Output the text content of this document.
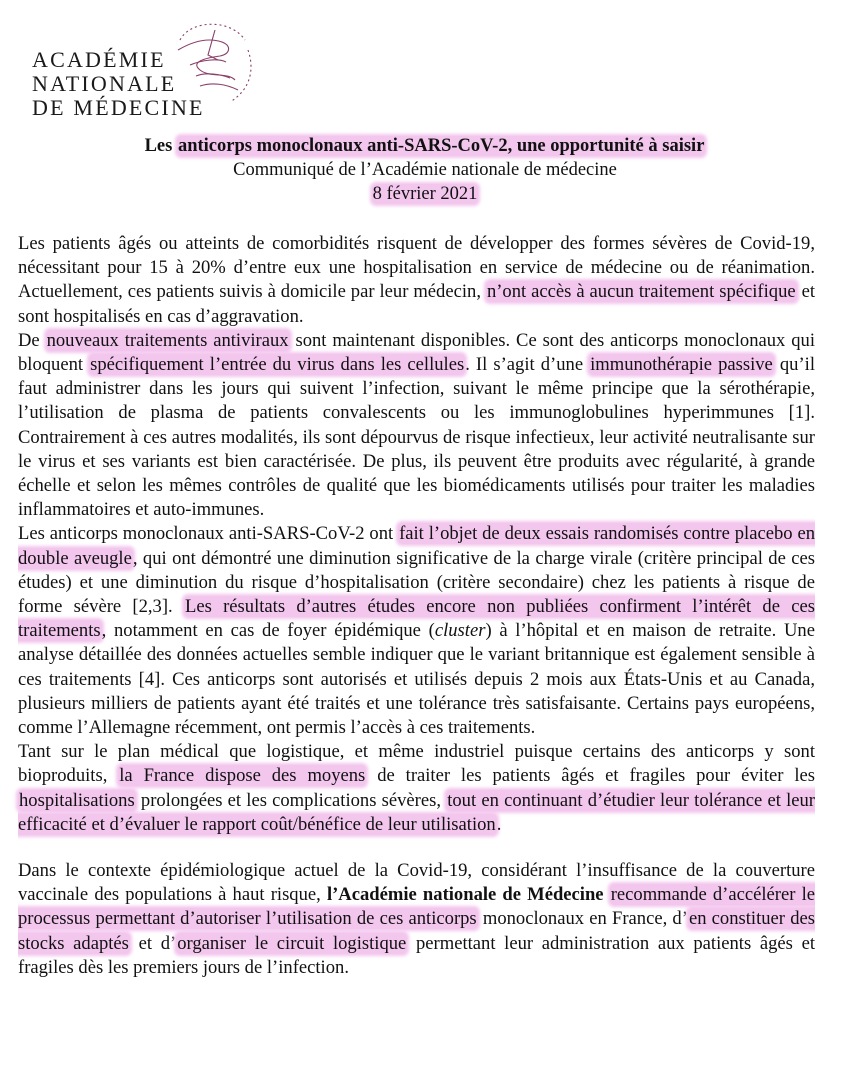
ACADÉMIE
NATIONALE
DE MÉDECINE
Les anticorps monoclonaux anti-SARS-CoV-2, une opportunité à saisir
Communiqué de l’Académie nationale de médecine
8 février 2021

Les patients âgés ou atteints de comorbidités risquent de développer des formes sévères de Covid-19, nécessitant pour 15 à 20% d’entre eux une hospitalisation en service de médecine ou de réanimation. Actuellement, ces patients suivis à domicile par leur médecin, n’ont accès à aucun traitement spécifique et sont hospitalisés en cas d’aggravation.

De nouveaux traitements antiviraux sont maintenant disponibles. Ce sont des anticorps monoclonaux qui bloquent spécifiquement l’entrée du virus dans les cellules. Il s’agit d’une immunothérapie passive qu’il faut administrer dans les jours qui suivent l’infection, suivant le même principe que la sérothérapie, l’utilisation de plasma de patients convalescents ou les immunoglobulines hyperimmunes [1]. Contrairement à ces autres modalités, ils sont dépourvus de risque infectieux, leur activité neutralisante sur le virus et ses variants est bien caractérisée. De plus, ils peuvent être produits avec régularité, à grande échelle et selon les mêmes contrôles de qualité que les biomédicaments utilisés pour traiter les maladies inflammatoires et auto-immunes.

Les anticorps monoclonaux anti-SARS-CoV-2 ont fait l’objet de deux essais randomisés contre placebo en double aveugle, qui ont démontré une diminution significative de la charge virale (critère principal de ces études) et une diminution du risque d’hospitalisation (critère secondaire) chez les patients à risque de forme sévère [2,3]. Les résultats d’autres études encore non publiées confirment l’intérêt de ces traitements, notamment en cas de foyer épidémique (cluster) à l’hôpital et en maison de retraite. Une analyse détaillée des données actuelles semble indiquer que le variant britannique est également sensible à ces traitements [4]. Ces anticorps sont autorisés et utilisés depuis 2 mois aux États-Unis et au Canada, plusieurs milliers de patients ayant été traités et une tolérance très satisfaisante. Certains pays européens, comme l’Allemagne récemment, ont permis l’accès à ces traitements.

Tant sur le plan médical que logistique, et même industriel puisque certains des anticorps y sont bioproduits, la France dispose des moyens de traiter les patients âgés et fragiles pour éviter les hospitalisations prolongées et les complications sévères, tout en continuant d’étudier leur tolérance et leur efficacité et d’évaluer le rapport coût/bénéfice de leur utilisation.

Dans le contexte épidémiologique actuel de la Covid-19, considérant l’insuffisance de la couverture vaccinale des populations à haut risque, l’Académie nationale de Médecine recommande d’accélérer le processus permettant d’autoriser l’utilisation de ces anticorps monoclonaux en France, d’en constituer des stocks adaptés et d’organiser le circuit logistique permettant leur administration aux patients âgés et fragiles dès les premiers jours de l’infection.
